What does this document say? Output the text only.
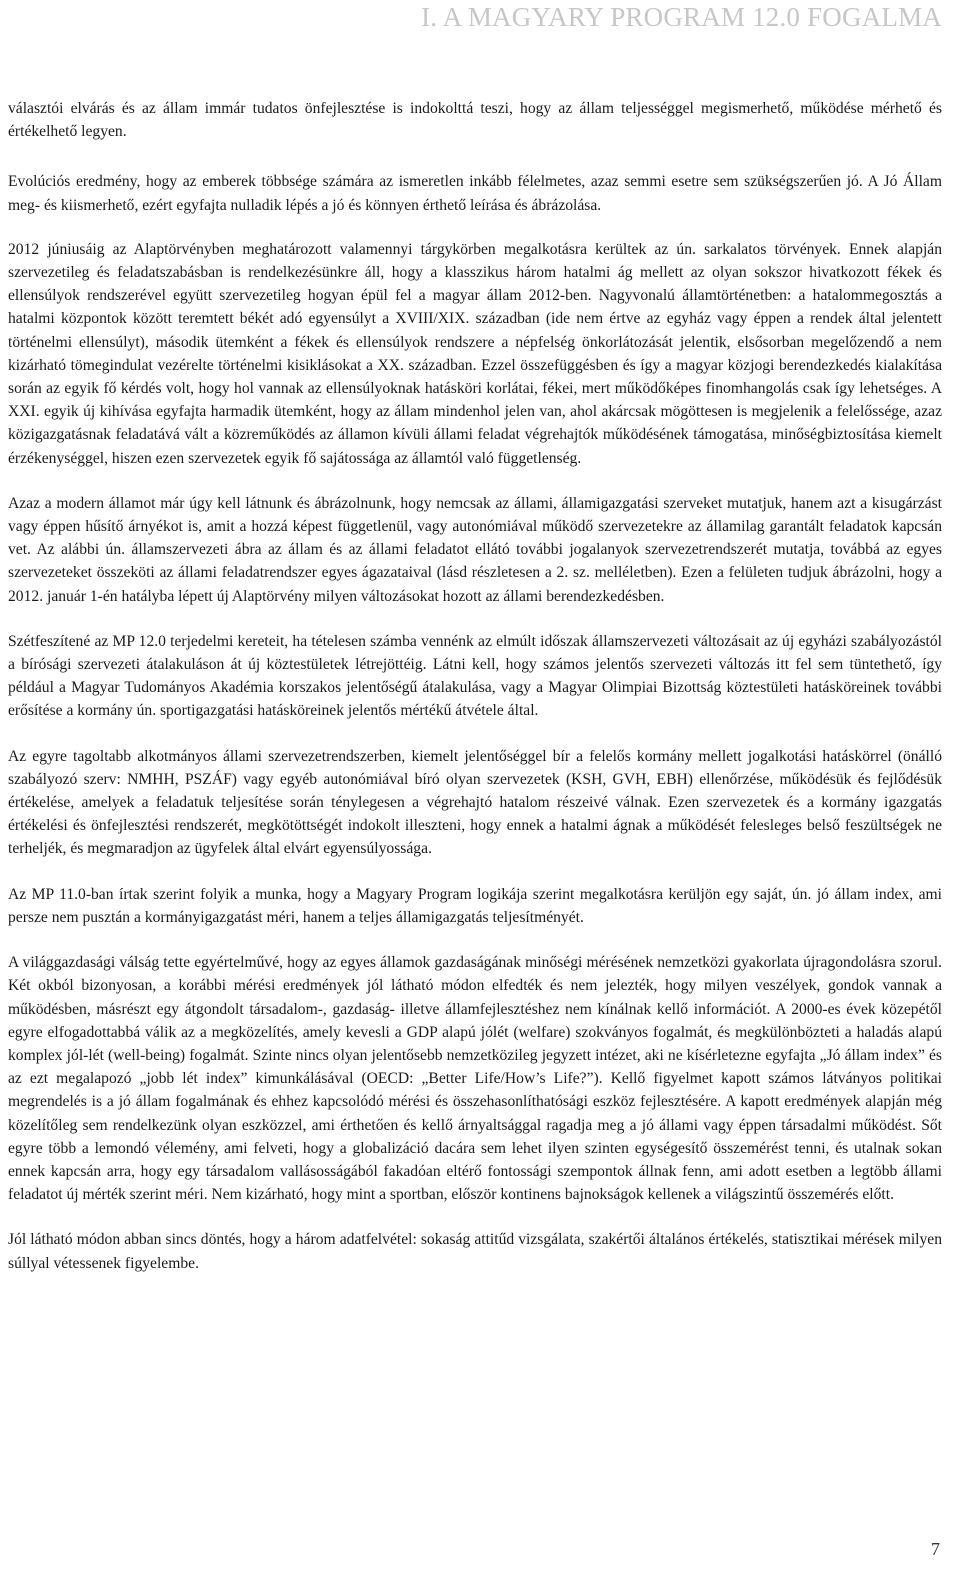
I. A MAGYARY PROGRAM 12.0 FOGALMA

választói elvárás és az állam immár tudatos önfejlesztése is indokolttá teszi, hogy az állam teljességgel megismerhető, működése mérhető és értékelhető legyen.

Evolúciós eredmény, hogy az emberek többsége számára az ismeretlen inkább félelmetes, azaz semmi esetre sem szükségszerűen jó. A Jó Állam meg- és kiismerhető, ezért egyfajta nulladik lépés a jó és könnyen érthető leírása és ábrázolása.

2012 júniusáig az Alaptörvényben meghatározott valamennyi tárgykörben megalkotásra kerültek az ún. sarkalatos törvények. Ennek alapján szervezetileg és feladatszabásban is rendelkezésünkre áll, hogy a klasszikus három hatalmi ág mellett az olyan sokszor hivatkozott fékek és ellensúlyok rendszerével együtt szervezetileg hogyan épül fel a magyar állam 2012-ben. Nagyvonalú államtörténetben: a hatalommegosztás a hatalmi központok között teremtett békét adó egyensúlyt a XVIII/XIX. században (ide nem értve az egyház vagy éppen a rendek által jelentett történelmi ellensúlyt), második ütemként a fékek és ellensúlyok rendszere a népfelség önkorlátozását jelentik, elsősorban megelőzendő a nem kizárható tömegindulat vezérelte történelmi kisiklásokat a XX. században. Ezzel összefüggésben és így a magyar közjogi berendezkedés kialakítása során az egyik fő kérdés volt, hogy hol vannak az ellensúlyoknak hatásköri korlátai, fékei, mert működőképes finomhangolás csak így lehetséges. A XXI. egyik új kihívása egyfajta harmadik ütemként, hogy az állam mindenhol jelen van, ahol akárcsak mögöttesen is megjelenik a felelőssége, azaz közigazgatásnak feladatává vált a közreműködés az államon kívüli állami feladat végrehajtók működésének támogatása, minőségbiztosítása kiemelt érzékenységgel, hiszen ezen szervezetek egyik fő sajátossága az államtól való függetlenség.

Azaz a modern államot már úgy kell látnunk és ábrázolnunk, hogy nemcsak az állami, államigazgatási szerveket mutatjuk, hanem azt a kisugárzást vagy éppen hűsítő árnyékot is, amit a hozzá képest függetlenül, vagy autonómiával működő szervezetekre az államilag garantált feladatok kapcsán vet. Az alábbi ún. államszervezeti ábra az állam és az állami feladatot ellátó további jogalanyok szervezetrendszerét mutatja, továbbá az egyes szervezeteket összeköti az állami feladatrendszer egyes ágazataival (lásd részletesen a 2. sz. melléletben). Ezen a felületen tudjuk ábrázolni, hogy a 2012. január 1-én hatályba lépett új Alaptörvény milyen változásokat hozott az állami berendezkedésben.

Szétfeszítené az MP 12.0 terjedelmi kereteit, ha tételesen számba vennénk az elmúlt időszak államszervezeti változásait az új egyházi szabályozástól a bírósági szervezeti átalakuláson át új köztestületek létrejöttéig. Látni kell, hogy számos jelentős szervezeti változás itt fel sem tüntethető, így például a Magyar Tudományos Akadémia korszakos jelentőségű átalakulása, vagy a Magyar Olimpiai Bizottság köztestületi hatásköreinek további erősítése a kormány ún. sportigazgatási hatásköreinek jelentős mértékű átvétele által.

Az egyre tagoltabb alkotmányos állami szervezetrendszerben, kiemelt jelentőséggel bír a felelős kormány mellett jogalkotási hatáskörrel (önálló szabályozó szerv: NMHH, PSZÁF) vagy egyéb autonómiával bíró olyan szervezetek (KSH, GVH, EBH) ellenőrzése, működésük és fejlődésük értékelése, amelyek a feladatuk teljesítése során ténylegesen a végrehajtó hatalom részeivé válnak. Ezen szervezetek és a kormány igazgatás értékelési és önfejlesztési rendszerét, megkötöttségét indokolt illeszteni, hogy ennek a hatalmi ágnak a működését felesleges belső feszültségek ne terheljék, és megmaradjon az ügyfelek által elvárt egyensúlyossága.

Az MP 11.0-ban írtak szerint folyik a munka, hogy a Magyary Program logikája szerint megalkotásra kerüljön egy saját, ún. jó állam index, ami persze nem pusztán a kormányigazgatást méri, hanem a teljes államigazgatás teljesítményét.

A világgazdasági válság tette egyértelművé, hogy az egyes államok gazdaságának minőségi mérésének nemzetközi gyakorlata újragondolásra szorul. Két okból bizonyosan, a korábbi mérési eredmények jól látható módon elfedték és nem jelezték, hogy milyen veszélyek, gondok vannak a működésben, másrészt egy átgondolt társadalom-, gazdaság- illetve államfejlesztéshez nem kínálnak kellő információt. A 2000-es évek közepétől egyre elfogadottabbá válik az a megközelítés, amely kevesli a GDP alapú jólét (welfare) szokványos fogalmát, és megkülönbözteti a haladás alapú komplex jól-lét (well-being) fogalmát. Szinte nincs olyan jelentősebb nemzetközileg jegyzett intézet, aki ne kísérletezne egyfajta „Jó állam index” és az ezt megalapozó „jobb lét index” kimunkálásával (OECD: „Better Life/How’s Life?”). Kellő figyelmet kapott számos látványos politikai megrendelés is a jó állam fogalmának és ehhez kapcsolódó mérési és összehasonlíthatósági eszköz fejlesztésére. A kapott eredmények alapján még közelítőleg sem rendelkezünk olyan eszközzel, ami érthetően és kellő árnyaltsággal ragadja meg a jó állami vagy éppen társadalmi működést. Sőt egyre több a lemondó vélemény, ami felveti, hogy a globalizáció dacára sem lehet ilyen szinten egységesítő összemérést tenni, és utalnak sokan ennek kapcsán arra, hogy egy társadalom vallásosságából fakadóan eltérő fontossági szempontok állnak fenn, ami adott esetben a legtöbb állami feladatot új mérték szerint méri. Nem kizárható, hogy mint a sportban, először kontinens bajnokságok kellenek a világszintű összemérés előtt.

Jól látható módon abban sincs döntés, hogy a három adatfelvétel: sokaság attitűd vizsgálata, szakértői általános értékelés, statisztikai mérések milyen súllyal vétessenek figyelembe.

7
